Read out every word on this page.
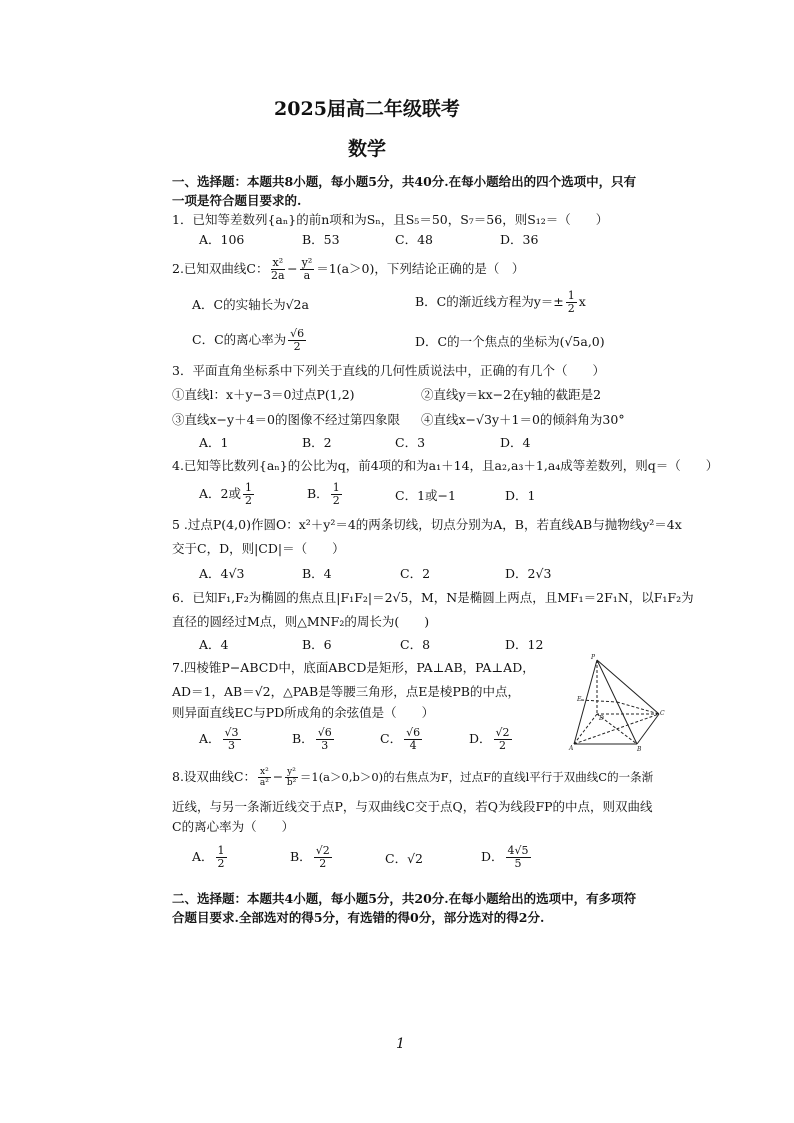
2025届高二年级联考
数学
一、选择题：本题共8小题，每小题5分，共40分.在每小题给出的四个选项中，只有一项是符合题目要求的.
1．已知等差数列{aₙ}的前n项和为Sₙ，且S₅＝50，S₇＝56，则S₁₂＝（　　）
A．106	B．53	C．48	D．36
2.已知双曲线C： $\frac{\text{x²}}{2a} - \frac{\text{y²}}{a} =1(a>0)$，下列结论正确的是（　）
A．C的实轴长为√2a	B．C的渐近线方程为$y=\pm \frac{1}{2}$ x
C．C的离心率为 $\frac{√6}{2}$	D．C的一个焦点的坐标为(√5a,0)
3．平面直角坐标系中下列关于直线的几何性质说法中，正确的有几个（　　）
①直线l：x＋y−3＝0过点P(1,2)	②直线y＝kx−2在y轴的截距是2
③直线x−y＋4＝0的图像不经过第四象限 ④直线x−√3y＋1＝0的倾斜角为30°
A．1	B．2	C．3	D．4
4.已知等比数列{aₙ}的公比为q，前4项的和为a₁＋14，且a₂,a₃＋1,a₄成等差数列，则q＝（　　）
A．2或 $\frac{1}{2}$	B． $\frac{1}{2}$	C．1或−1	D．1
5 .过点P(4,0)作圆O：x²＋y²＝4的两条切线，切点分别为A，B，若直线AB与抛物线y²＝4x
交于C，D，则|CD|＝（　　）
A．4√3	B．4	C．2	D．2√3
6．已知F₁,F₂为椭圆的焦点且|F₁F₂|＝2√5，M，N是椭圆上两点，且MF₁＝2F₁N，以F₁F₂为
直径的圆经过M点，则△MNF₂的周长为(　　)
A．4	B．6	C．8	D．12
7.四棱锥P−ABCD中，底面ABCD是矩形，PA⊥AB，PA⊥AD，
AD＝1，AB＝√2，△PAB是等腰三角形，点E是棱PB的中点，
则异面直线EC与PD所成角的余弦值是（　　）
A． $\frac{√3}{3}$	B． $\frac{√6}{3}$	C． $\frac{√6}{4}$	D． $\frac{√2}{2}$
P
E
A	B
C
D
8.设双曲线C： $\frac{\text{x²}}{\text{a²}} - \frac{\text{y²}}{\text{b²}} =1(a>0,b>0)$的右焦点为F，过点F的直线l平行于双曲线C的一条渐
近线，与另一条渐近线交于点P，与双曲线C交于点Q，若Q为线段FP的中点，则双曲线
C的离心率为（　　）
A． $\frac{1}{2}$	B． $\frac{√2}{2}$	C．√2	D． $\frac{4√5}{5}$
二、选择题：本题共4小题，每小题5分，共20分.在每小题给出的选项中，有多项符合题目要求.全部选对的得5分，有选错的得0分，部分选对的得2分.
1
